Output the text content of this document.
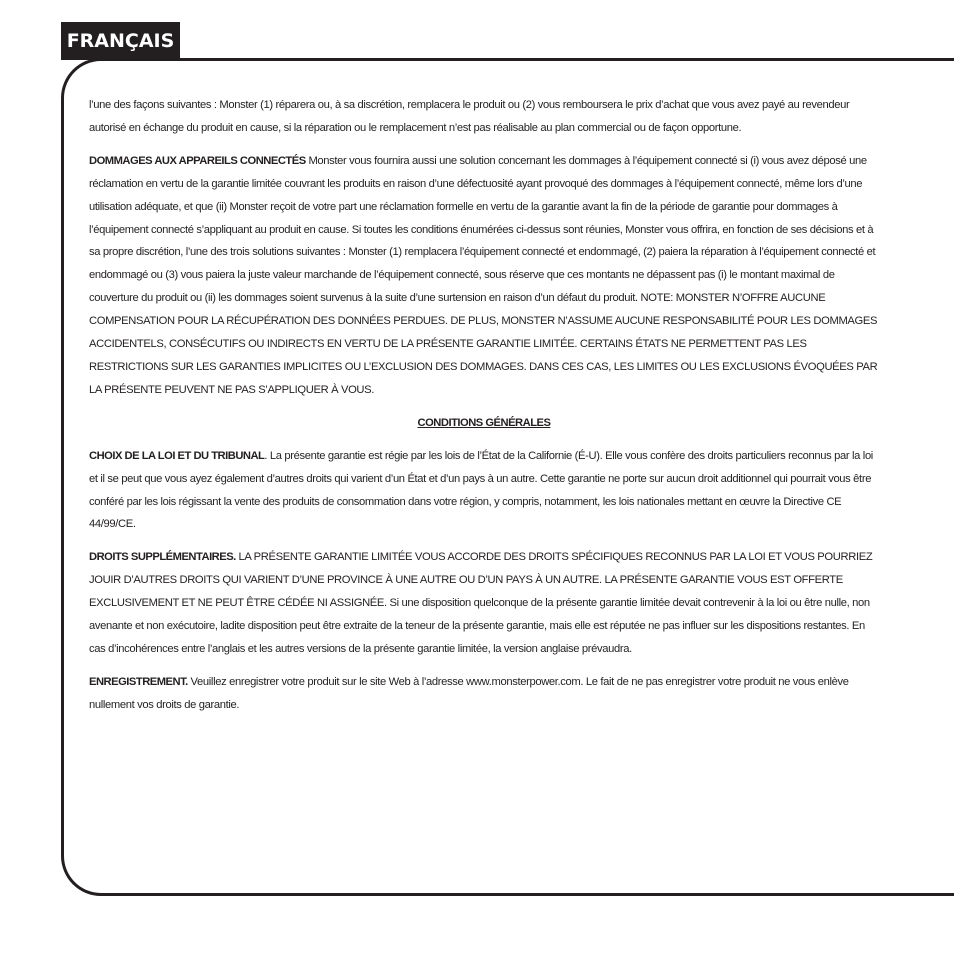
FRANÇAIS

l’une des façons suivantes : Monster (1) réparera ou, à sa discrétion, remplacera le produit ou (2) vous remboursera le prix d’achat que vous avez payé au revendeur autorisé en échange du produit en cause, si la réparation ou le remplacement n’est pas réalisable au plan commercial ou de façon opportune.

DOMMAGES AUX APPAREILS CONNECTÉS Monster vous fournira aussi une solution concernant les dommages à l’équipement connecté si (i) vous avez déposé une réclamation en vertu de la garantie limitée couvrant les produits en raison d’une défectuosité ayant provoqué des dommages à l’équipement connecté, même lors d’une utilisation adéquate, et que (ii) Monster reçoit de votre part une réclamation formelle en vertu de la garantie avant la fin de la période de garantie pour dommages à l’équipement connecté s’appliquant au produit en cause. Si toutes les conditions énumérées ci-dessus sont réunies, Monster vous offrira, en fonction de ses décisions et à sa propre discrétion, l’une des trois solutions suivantes : Monster (1) remplacera l’équipement connecté et endommagé, (2) paiera la réparation à l’équipement connecté et endommagé ou (3) vous paiera la juste valeur marchande de l’équipement connecté, sous réserve que ces montants ne dépassent pas (i) le montant maximal de couverture du produit ou (ii) les dommages soient survenus à la suite d’une surtension en raison d’un défaut du produit. NOTE: MONSTER N’OFFRE AUCUNE COMPENSATION POUR LA RÉCUPÉRATION DES DONNÉES PERDUES. DE PLUS, MONSTER N’ASSUME AUCUNE RESPONSABILITÉ POUR LES DOMMAGES ACCIDENTELS, CONSÉCUTIFS OU INDIRECTS EN VERTU DE LA PRÉSENTE GARANTIE LIMITÉE. CERTAINS ÉTATS NE PERMETTENT PAS LES RESTRICTIONS SUR LES GARANTIES IMPLICITES OU L’EXCLUSION DES DOMMAGES. DANS CES CAS, LES LIMITES OU LES EXCLUSIONS ÉVOQUÉES PAR LA PRÉSENTE PEUVENT NE PAS S’APPLIQUER À VOUS.

CONDITIONS GÉNÉRALES

CHOIX DE LA LOI ET DU TRIBUNAL. La présente garantie est régie par les lois de l’État de la Californie (É-U). Elle vous confère des droits particuliers reconnus par la loi et il se peut que vous ayez également d’autres droits qui varient d’un État et d’un pays à un autre. Cette garantie ne porte sur aucun droit additionnel qui pourrait vous être conféré par les lois régissant la vente des produits de consommation dans votre région, y compris, notamment, les lois nationales mettant en œuvre la Directive CE 44/99/CE.

DROITS SUPPLÉMENTAIRES. LA PRÉSENTE GARANTIE LIMITÉE VOUS ACCORDE DES DROITS SPÉCIFIQUES RECONNUS PAR LA LOI ET VOUS POURRIEZ JOUIR D’AUTRES DROITS QUI VARIENT D’UNE PROVINCE À UNE AUTRE OU D’UN PAYS À UN AUTRE. LA PRÉSENTE GARANTIE VOUS EST OFFERTE EXCLUSIVEMENT ET NE PEUT ÊTRE CÉDÉE NI ASSIGNÉE. Si une disposition quelconque de la présente garantie limitée devait contrevenir à la loi ou être nulle, non avenante et non exécutoire, ladite disposition peut être extraite de la teneur de la présente garantie, mais elle est réputée ne pas influer sur les dispositions restantes. En cas d’incohérences entre l’anglais et les autres versions de la présente garantie limitée, la version anglaise prévaudra.

ENREGISTREMENT. Veuillez enregistrer votre produit sur le site Web à l’adresse www.monsterpower.com. Le fait de ne pas enregistrer votre produit ne vous enlève nullement vos droits de garantie.
